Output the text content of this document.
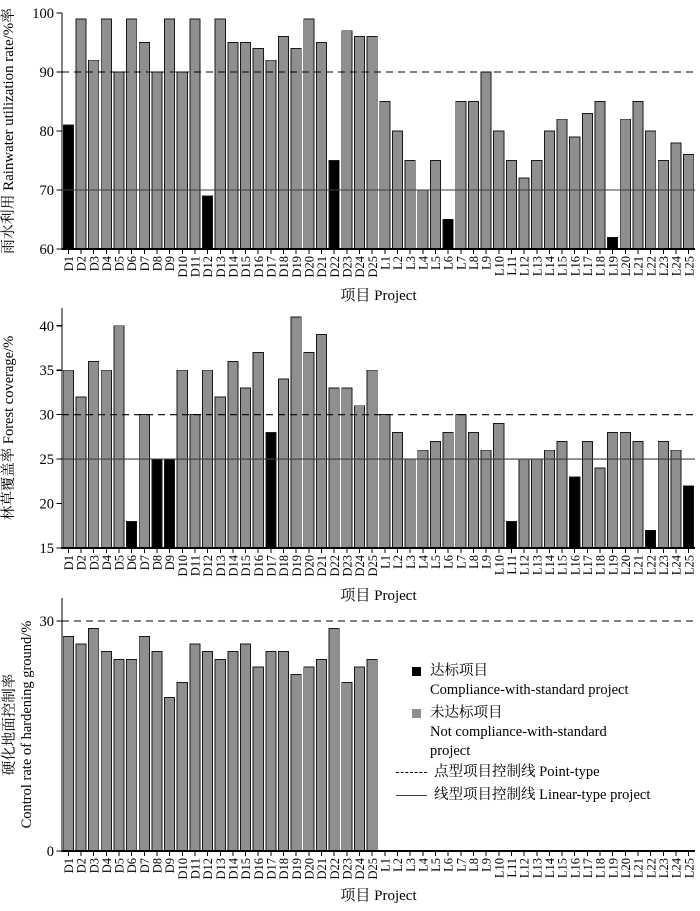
60
70
80
90
100
D1
D2
D3
D4
D5
D6
D7
D8
D9
D10
D11
D12
D13
D14
D15
D16
D17
D18
D19
D20
D21
D22
D23
D24
D25
L1
L2
L3
L4
L5
L6
L7
L8
L9
L10
L11
L12
L13
L14
L15
L16
L17
L18
L19
L20
L21
L22
L23
L24
L25
雨水利用 Rainwater utilization rate/%率
项目 Project
15
20
25
30
35
40
D1
D2
D3
D4
D5
D6
D7
D8
D9
D10
D11
D12
D13
D14
D15
D16
D17
D18
D19
D20
D21
D22
D23
D24
D25
L1
L2
L3
L4
L5
L6
L7
L8
L9
L10
L11
L12
L13
L14
L15
L16
L17
L18
L19
L20
L21
L22
L23
L24
L25
林草覆盖率 Forest coverage/%
项目 Project
0
30
D1
D2
D3
D4
D5
D6
D7
D8
D9
D10
D11
D12
D13
D14
D15
D16
D17
D18
D19
D20
D21
D22
D23
D24
D25
L1
L2
L3
L4
L5
L6
L7
L8
L9
L10
L11
L12
L13
L14
L15
L16
L17
L18
L19
L20
L21
L22
L23
L24
L25
硬化地面控制率 Control rate of hardening ground/%
项目 Project
达标项目
Compliance-with-standard project
未达标项目
Not compliance-with-standard
project
点型项目控制线 Point-type
线型项目控制线 Linear-type project
